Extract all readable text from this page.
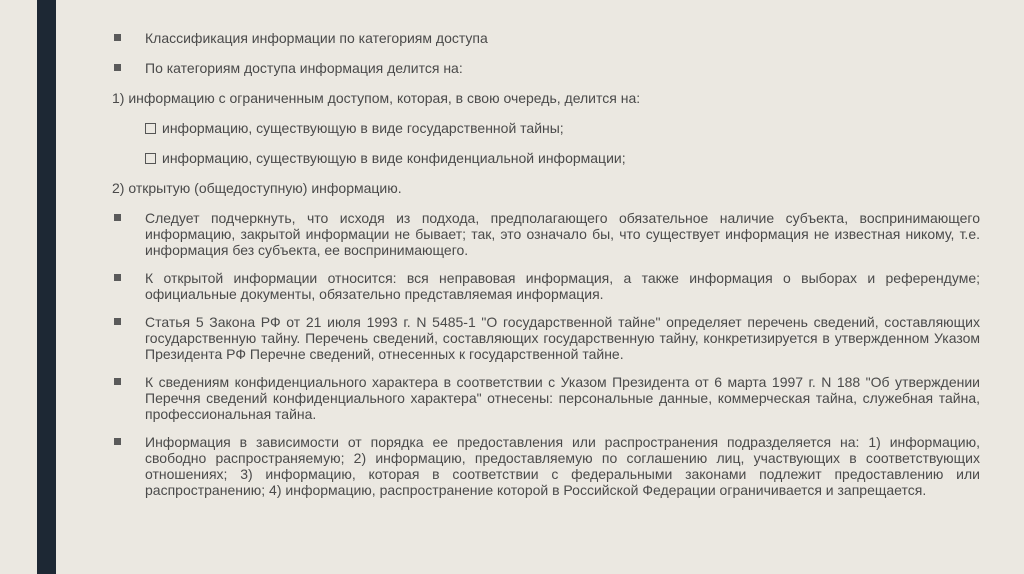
Классификация информации по категориям доступа
По категориям доступа информация делится на:
1) информацию с ограниченным доступом, которая, в свою очередь, делится на:
информацию, существующую в виде государственной тайны;
информацию, существующую в виде конфиденциальной информации;
2) открытую (общедоступную) информацию.
Следует подчеркнуть, что исходя из подхода, предполагающего обязательное наличие субъекта, воспринимающего информацию, закрытой информации не бывает; так, это означало бы, что существует информация не известная никому, т.е. информация без субъекта, ее воспринимающего.
К открытой информации относится: вся неправовая информация, а также информация о выборах и референдуме; официальные документы, обязательно представляемая информация.
Статья 5 Закона РФ от 21 июля 1993 г. N 5485-1 "О государственной тайне" определяет перечень сведений, составляющих государственную тайну. Перечень сведений, составляющих государственную тайну, конкретизируется в утвержденном Указом Президента РФ Перечне сведений, отнесенных к государственной тайне.
К сведениям конфиденциального характера в соответствии с Указом Президента от 6 марта 1997 г. N 188 "Об утверждении Перечня сведений конфиденциального характера" отнесены: персональные данные, коммерческая тайна, служебная тайна, профессиональная тайна.
Информация в зависимости от порядка ее предоставления или распространения подразделяется на: 1) информацию, свободно распространяемую; 2) информацию, предоставляемую по соглашению лиц, участвующих в соответствующих отношениях; 3) информацию, которая в соответствии с федеральными законами подлежит предоставлению или распространению; 4) информацию, распространение которой в Российской Федерации ограничивается и запрещается.
